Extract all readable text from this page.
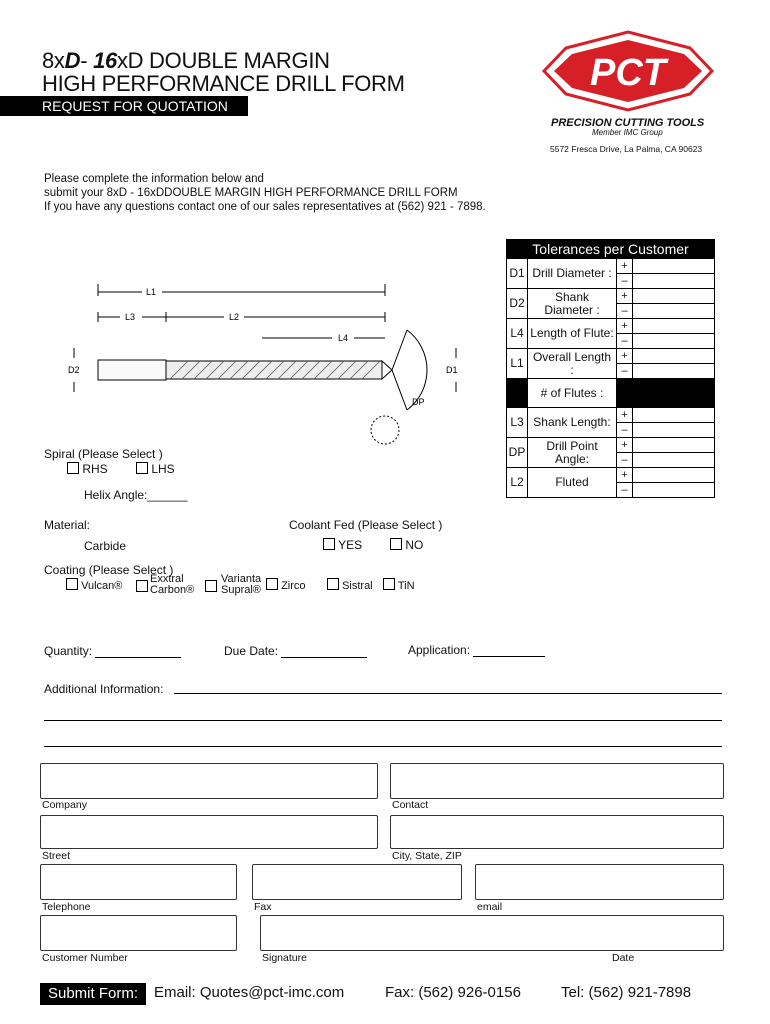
8xD- 16xD DOUBLE MARGIN
HIGH PERFORMANCE DRILL FORM
REQUEST FOR QUOTATION
PCT
PRECISION CUTTING TOOLS
Member IMC Group
5572 Fresca Drive, La Palma, CA 90623
Please complete the information below and
submit your 8xD - 16xDDOUBLE MARGIN HIGH PERFORMANCE DRILL FORM
If you have any questions contact one of our sales representatives at (562) 921 - 7898.
L1
L3	L2
L4
D2	D1
DP
Tolerances per Customer			
D1	Drill Diameter :	+
–	

D2	Shank Diameter :	+
–	

L4	Length of Flute:	+
–	

L1	Overall Length :	+
–	

	# of Flutes :		
L3	Shank Length:	+
–	

DP	Drill Point Angle:	+
–	

L2	Fluted	+
–	

Spiral (Please Select )
RHS	LHS
Helix Angle:______
Material:
Carbide
Coolant Fed (Please Select )
YES	NO
Coating (Please Select )
Vulcan®
Exxtral
Carbon®
Varianta
Supral®	Zirco	Sistral	TiN
Quantity:	Due Date:	Application:
Additional Information:
Company	Contact
Street	City, State, ZIP
Telephone	Fax	email
Customer Number	Signature	Date
Submit Form:	Email: Quotes@pct-imc.com	Fax: (562) 926-0156	Tel: (562) 921-7898
